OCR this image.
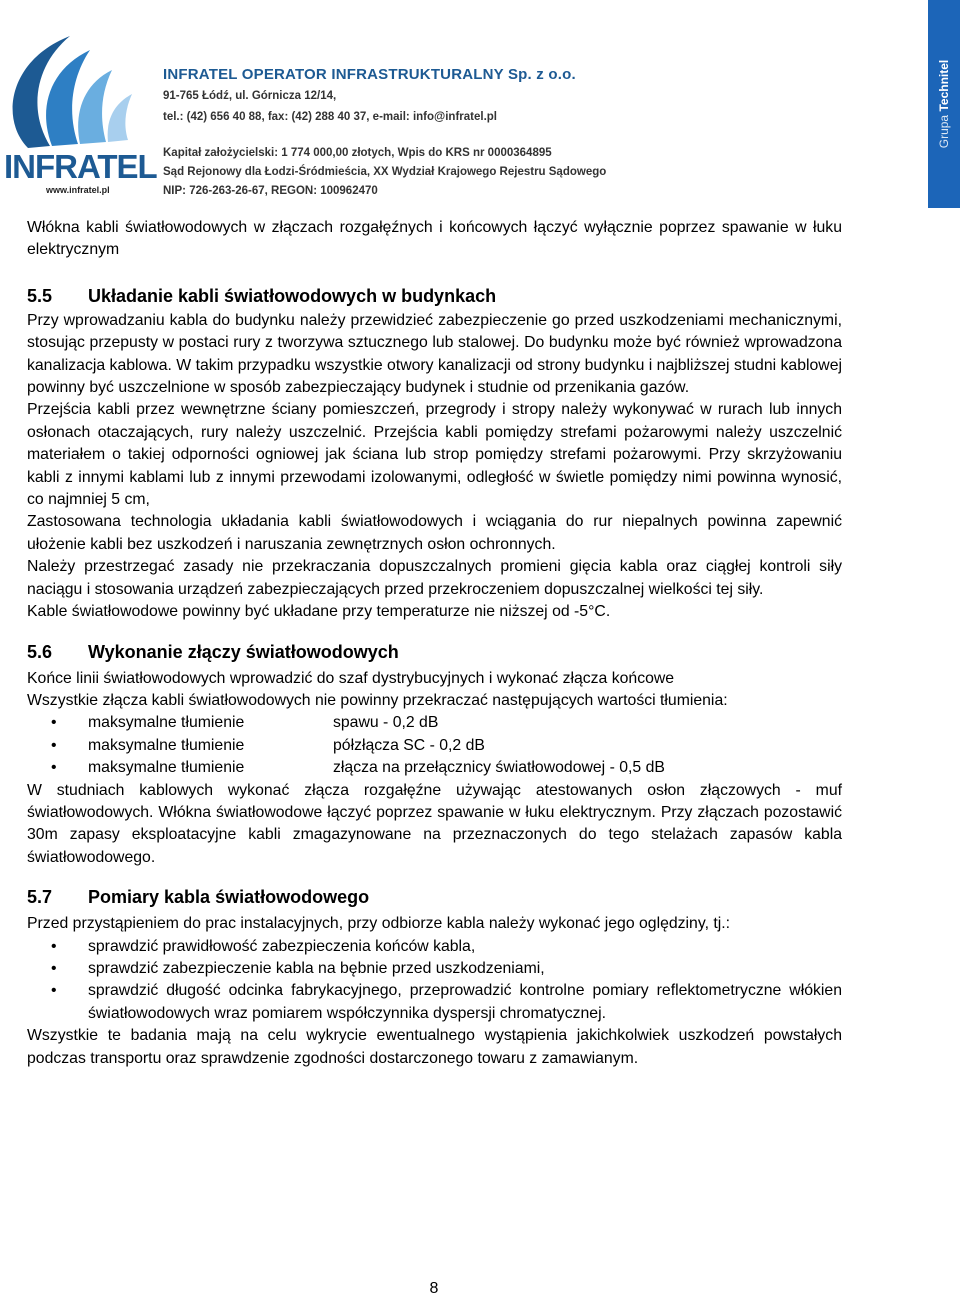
INFRATEL
www.infratel.pl
INFRATEL OPERATOR INFRASTRUKTURALNY Sp. z o.o.
91-765 Łódź, ul. Górnicza 12/14,
tel.: (42) 656 40 88, fax: (42) 288 40 37, e-mail: info@infratel.pl
Kapitał założycielski: 1 774 000,00 złotych, Wpis do KRS nr 0000364895
Sąd Rejonowy dla Łodzi-Śródmieścia, XX Wydział Krajowego Rejestru Sądowego
NIP: 726-263-26-67, REGON: 100962470
Grupa Technitel

Włókna kabli światłowodowych w złączach rozgałęźnych i końcowych łączyć wyłącznie poprzez spawanie w łuku elektrycznym

5.5	Układanie kabli światłowodowych w budynkach

Przy wprowadzaniu kabla do budynku należy przewidzieć zabezpieczenie go przed uszkodzeniami mechanicznymi, stosując przepusty w postaci rury z tworzywa sztucznego lub stalowej. Do budynku może być również wprowadzona kanalizacja kablowa. W takim przypadku wszystkie otwory kanalizacji od strony budynku i najbliższej studni kablowej powinny być uszczelnione w sposób zabezpieczający budynek i studnie od przenikania gazów.

Przejścia kabli przez wewnętrzne ściany pomieszczeń, przegrody i stropy należy wykonywać w rurach lub innych osłonach otaczających, rury należy uszczelnić. Przejścia kabli pomiędzy strefami pożarowymi należy uszczelnić materiałem o takiej odporności ogniowej jak ściana lub strop pomiędzy strefami pożarowymi. Przy skrzyżowaniu kabli z innymi kablami lub z innymi przewodami izolowanymi, odległość w świetle pomiędzy nimi powinna wynosić, co najmniej 5 cm,

Zastosowana technologia układania kabli światłowodowych i wciągania do rur niepalnych powinna zapewnić ułożenie kabli bez uszkodzeń i naruszania zewnętrznych osłon ochronnych.

Należy przestrzegać zasady nie przekraczania dopuszczalnych promieni gięcia kabla oraz ciągłej kontroli siły naciągu i stosowania urządzeń zabezpieczających przed przekroczeniem dopuszczalnej wielkości tej siły.

Kable światłowodowe powinny być układane przy temperaturze nie niższej od -5°C.

5.6	Wykonanie złączy światłowodowych

Końce linii światłowodowych wprowadzić do szaf dystrybucyjnych i wykonać złącza końcowe

Wszystkie złącza kabli światłowodowych nie powinny przekraczać następujących wartości tłumienia:

•	maksymalne tłumienie	spawu - 0,2 dB
•	maksymalne tłumienie	półzłącza SC - 0,2 dB
•	maksymalne tłumienie	złącza na przełącznicy światłowodowej - 0,5 dB

W studniach kablowych wykonać złącza rozgałęźne używając atestowanych osłon złączowych - muf światłowodowych. Włókna światłowodowe łączyć poprzez spawanie w łuku elektrycznym. Przy złączach pozostawić 30m zapasy eksploatacyjne kabli zmagazynowane na przeznaczonych do tego stelażach zapasów kabla światłowodowego.

5.7	Pomiary kabla światłowodowego

Przed przystąpieniem do prac instalacyjnych, przy odbiorze kabla należy wykonać jego oględziny, tj.:

•	sprawdzić prawidłowość zabezpieczenia końców kabla,
•	sprawdzić zabezpieczenie kabla na bębnie przed uszkodzeniami,
•	sprawdzić długość odcinka fabrykacyjnego, przeprowadzić kontrolne pomiary reflektometryczne włókien światłowodowych wraz pomiarem współczynnika dyspersji chromatycznej.

Wszystkie te badania mają na celu wykrycie ewentualnego wystąpienia jakichkolwiek uszkodzeń powstałych podczas transportu oraz sprawdzenie zgodności dostarczonego towaru z zamawianym.

8
